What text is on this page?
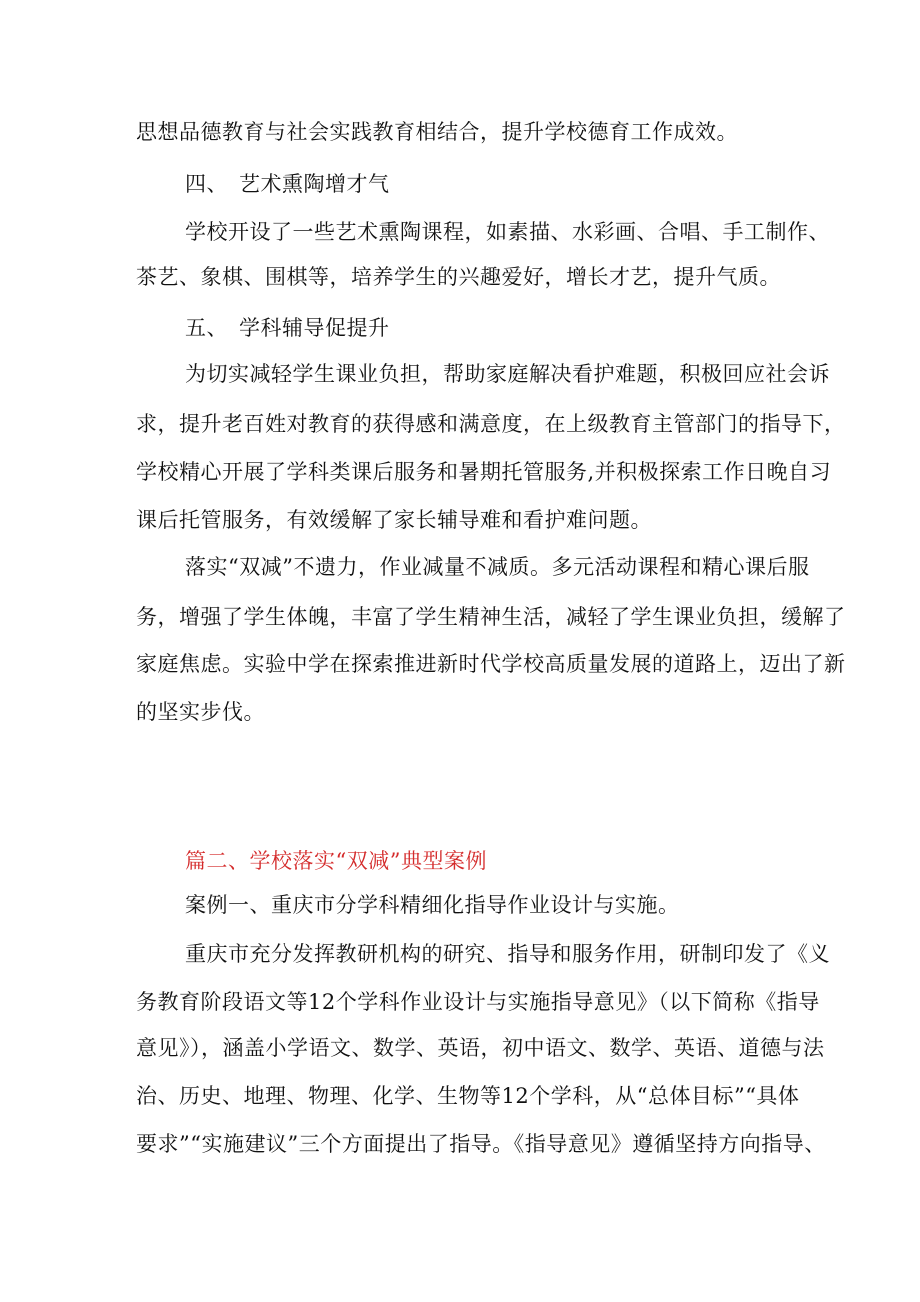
思想品德教育与社会实践教育相结合，提升学校德育工作成效。
四、　艺术熏陶增才气
学校开设了一些艺术熏陶课程，如素描、水彩画、合唱、手工制作、
茶艺、象棋、围棋等，培养学生的兴趣爱好，增长才艺，提升气质。
五、　学科辅导促提升
为切实减轻学生课业负担，帮助家庭解决看护难题，积极回应社会诉
求，提升老百姓对教育的获得感和满意度，在上级教育主管部门的指导下，
学校精心开展了学科类课后服务和暑期托管服务,并积极探索工作日晚自习
课后托管服务，有效缓解了家长辅导难和看护难问题。
落实“双减”不遗力，作业减量不减质。多元活动课程和精心课后服
务，增强了学生体魄，丰富了学生精神生活，减轻了学生课业负担，缓解了
家庭焦虑。实验中学在探索推进新时代学校高质量发展的道路上，迈出了新
的坚实步伐。
篇二、学校落实“双减”典型案例
案例一、重庆市分学科精细化指导作业设计与实施。
重庆市充分发挥教研机构的研究、指导和服务作用，研制印发了《义
务教育阶段语文等12个学科作业设计与实施指导意见》（以下简称《指导
意见》），涵盖小学语文、数学、英语，初中语文、数学、英语、道德与法
治、历史、地理、物理、化学、生物等12个学科，从“总体目标”“具体
要求”“实施建议”三个方面提出了指导。《指导意见》遵循坚持方向指导、
